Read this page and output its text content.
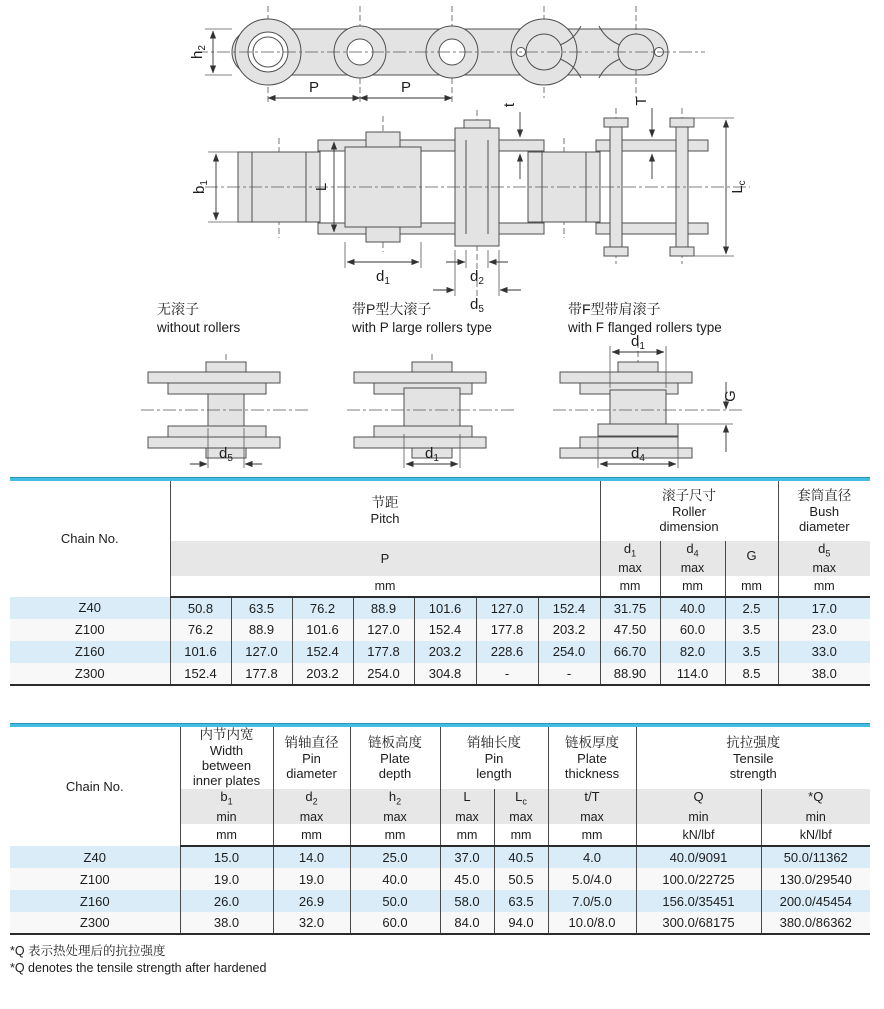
$h_2$
P	P
$b_1$	L
t	T
$L_c$
$d_1$	$d_2$
$d_5$
无滚子
without rollers
带P型大滚子
with P large rollers type
带F型带肩滚子
with F flanged rollers type
$d_5$	$d_1$
$d_1$
G
$d_4$
Chain No.	
节距
Pitch

滚子尺寸
Roller
dimension

套筒直径
Bush
diameter

P	
$d_1$
max

$d_4$
max

G	$d_5$
max

	mm							mm	mm	mm	mm
Z40	50.8	63.5	76.2	88.9	101.6	127.0	152.4	31.75	40.0	2.5	17.0
Z100	76.2	88.9	101.6	127.0	152.4	177.8	203.2	47.50	60.0	3.5	23.0
Z160	101.6	127.0	152.4	177.8	203.2	228.6	254.0	66.70	82.0	3.5	33.0
Z300	152.4	177.8	203.2	254.0	304.8	-	-	88.90	114.0	8.5	38.0
Chain No.	
内节内宽
Width
between
inner plates

销轴直径
Pin
diameter

链板高度
Plate
depth

销轴长度
Pin
length

链板厚度
Plate
thickness

抗拉强度
Tensile
strength

$b_1$
min

$d_2$
max

$h_2$
max

L
max

$L_c$
max

t/T
max

Q
min

*Q
min

	mm	mm	mm	mm	mm	mm	kN/lbf	kN/lbf
Z40	15.0	14.0	25.0	37.0	40.5	4.0	40.0/9091	50.0/11362
Z100	19.0	19.0	40.0	45.0	50.5	5.0/4.0	100.0/22725	130.0/29540
Z160	26.0	26.9	50.0	58.0	63.5	7.0/5.0	156.0/35451	200.0/45454
Z300	38.0	32.0	60.0	84.0	94.0	10.0/8.0	300.0/68175	380.0/86362
*Q 表示热处理后的抗拉强度
*Q denotes the tensile strength after hardened
